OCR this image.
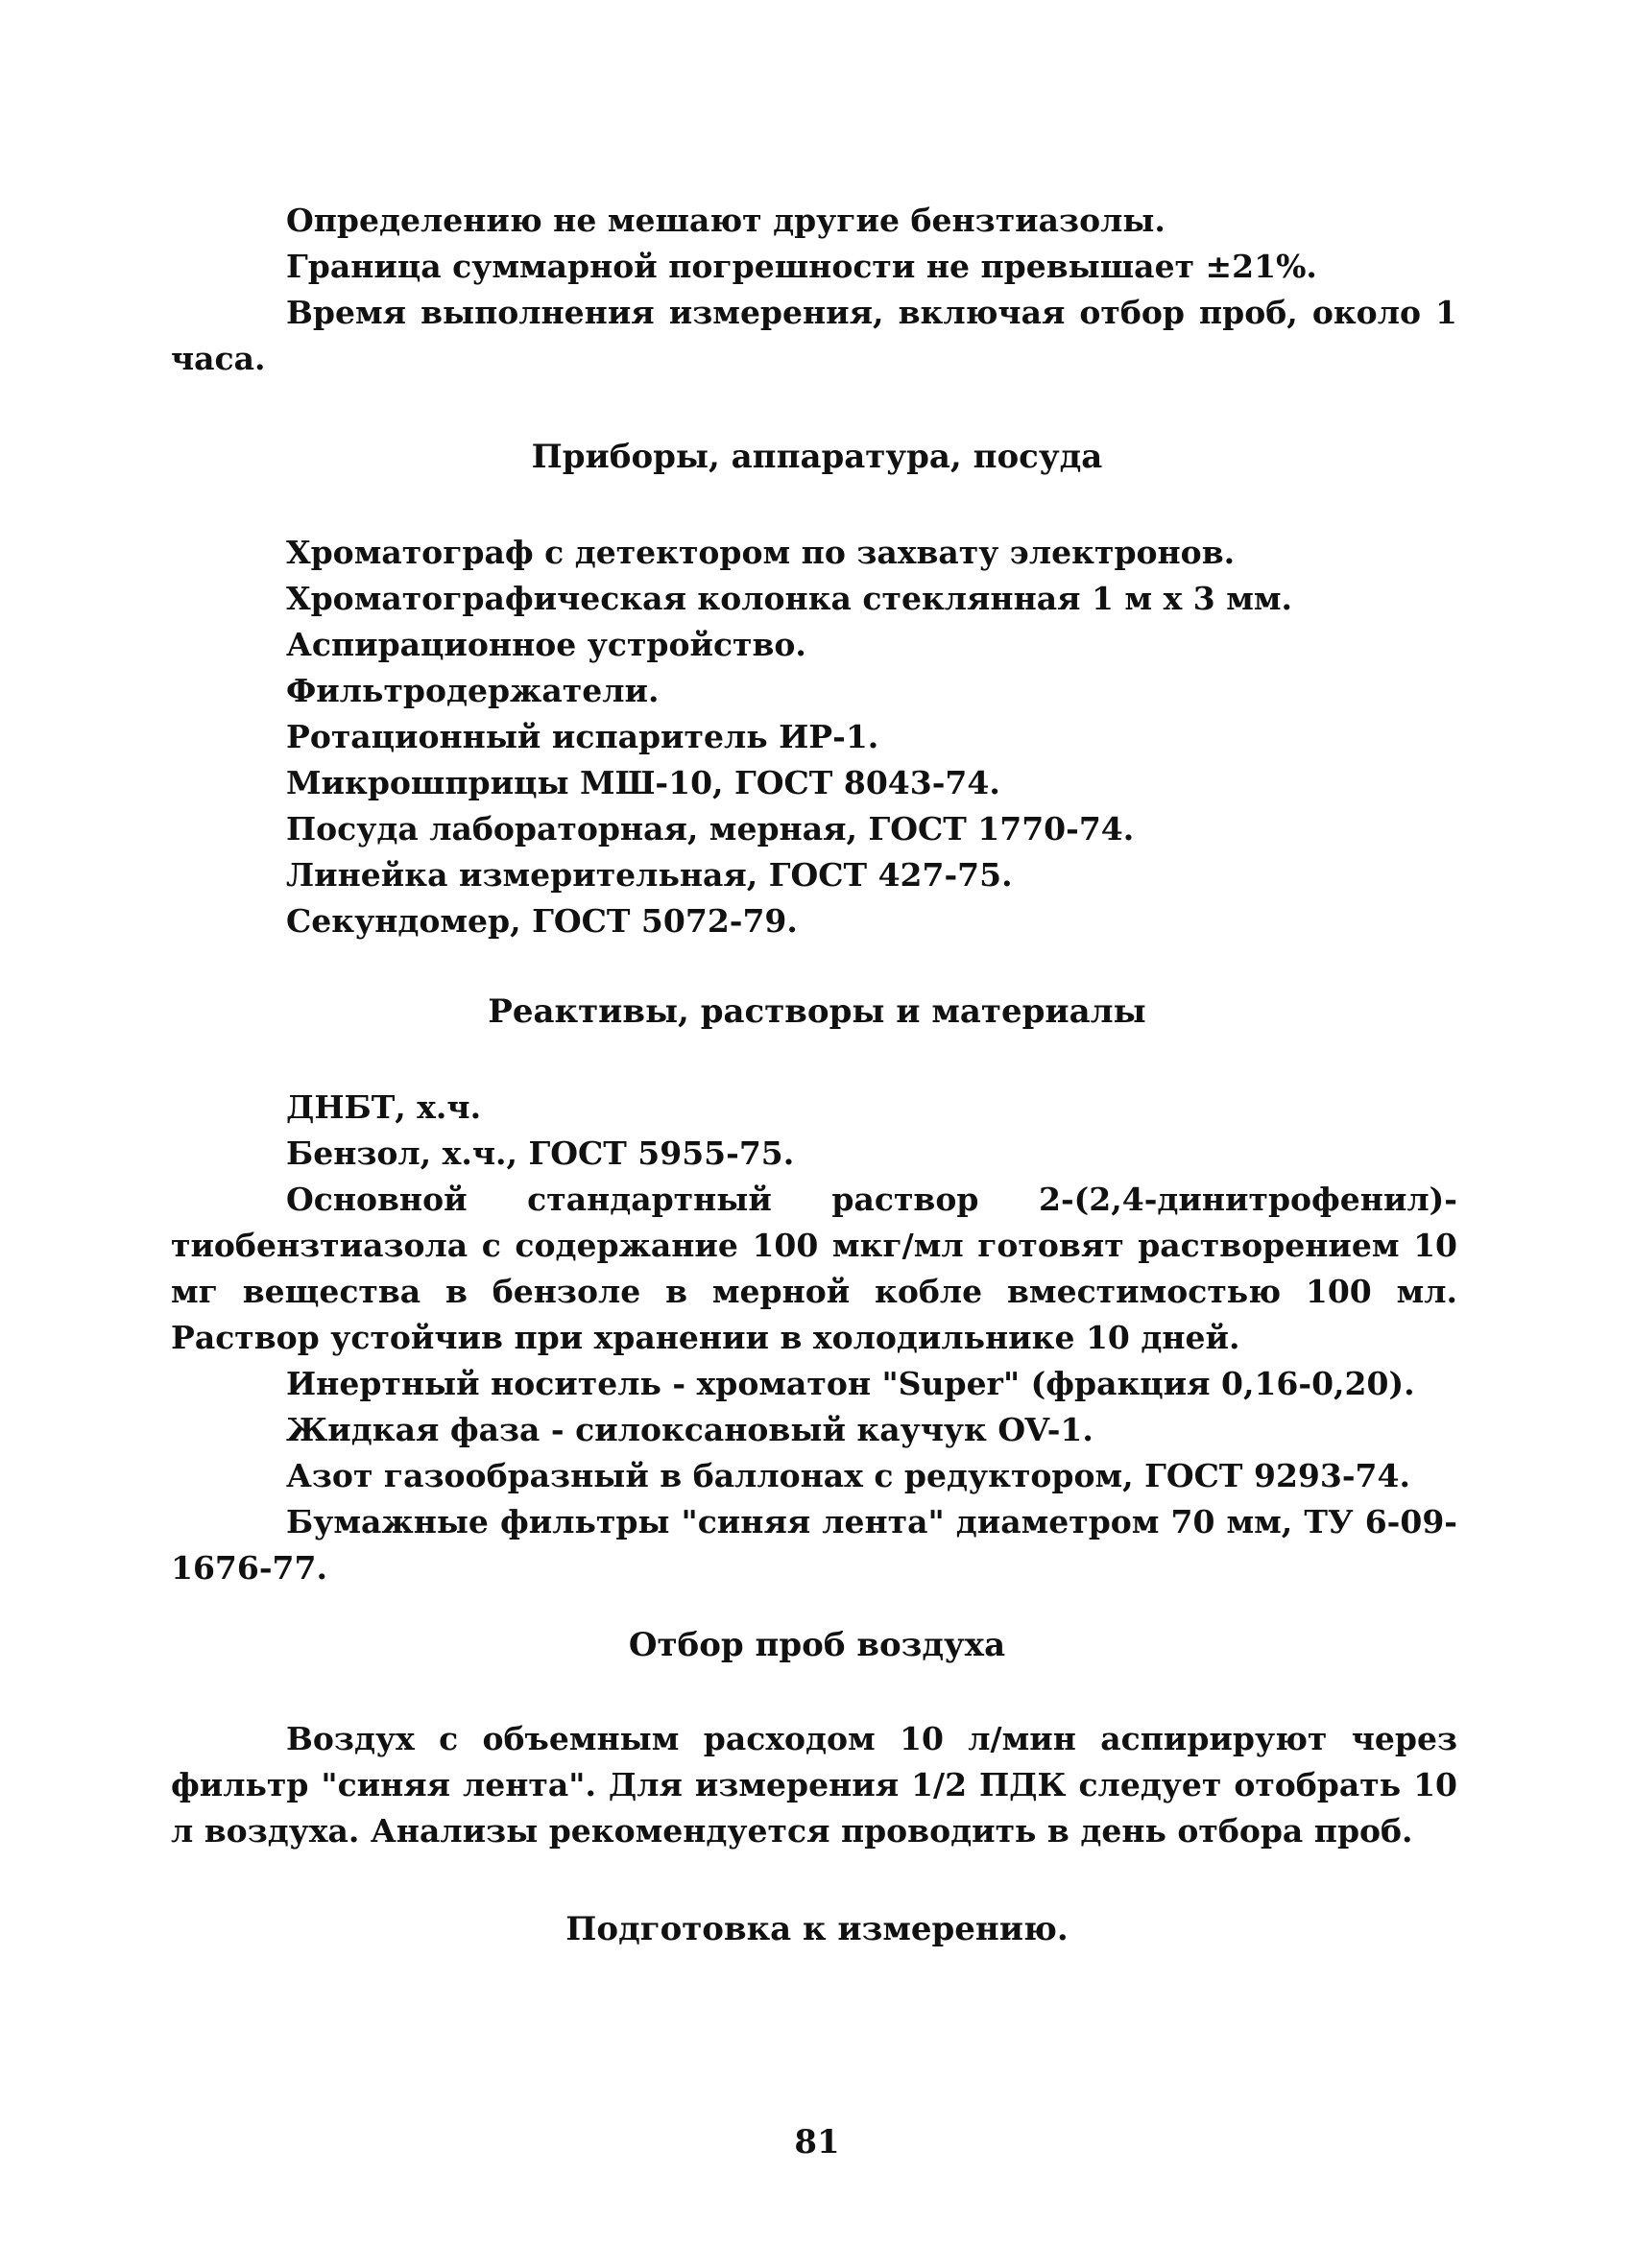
Определению не мешают другие бензтиазолы.

Граница суммарной погрешности не превышает ±21%.

Время выполнения измерения, включая отбор проб, около 1 часа.

Приборы, аппаратура, посуда

Хроматограф с детектором по захвату электронов.

Хроматографическая колонка стеклянная 1 м х 3 мм.

Аспирационное устройство.

Фильтродержатели.

Ротационный испаритель ИР-1.

Микрошприцы МШ-10, ГОСТ 8043-74.

Посуда лабораторная, мерная, ГОСТ 1770-74.

Линейка измерительная, ГОСТ 427-75.

Секундомер, ГОСТ 5072-79.

Реактивы, растворы и материалы

ДНБТ, х.ч.

Бензол, х.ч., ГОСТ 5955-75.

Основной стандартный раствор 2-(2,4-динитрофенил)-тиобензтиазола с содержание 100 мкг/мл готовят растворением 10 мг вещества в бензоле в мерной кобле вместимостью 100 мл. Раствор устойчив при хранении в холодильнике 10 дней.

Инертный носитель - хроматон "Super" (фракция 0,16-0,20).

Жидкая фаза - силоксановый каучук OV-1.

Азот газообразный в баллонах с редуктором, ГОСТ 9293-74.

Бумажные фильтры "синяя лента" диаметром 70 мм, ТУ 6-09-1676-77.

Отбор проб воздуха

Воздух с объемным расходом 10 л/мин аспирируют через фильтр "синяя лента". Для измерения 1/2 ПДК следует отобрать 10 л воздуха. Анализы рекомендуется проводить в день отбора проб.

Подготовка к измерению.
81
